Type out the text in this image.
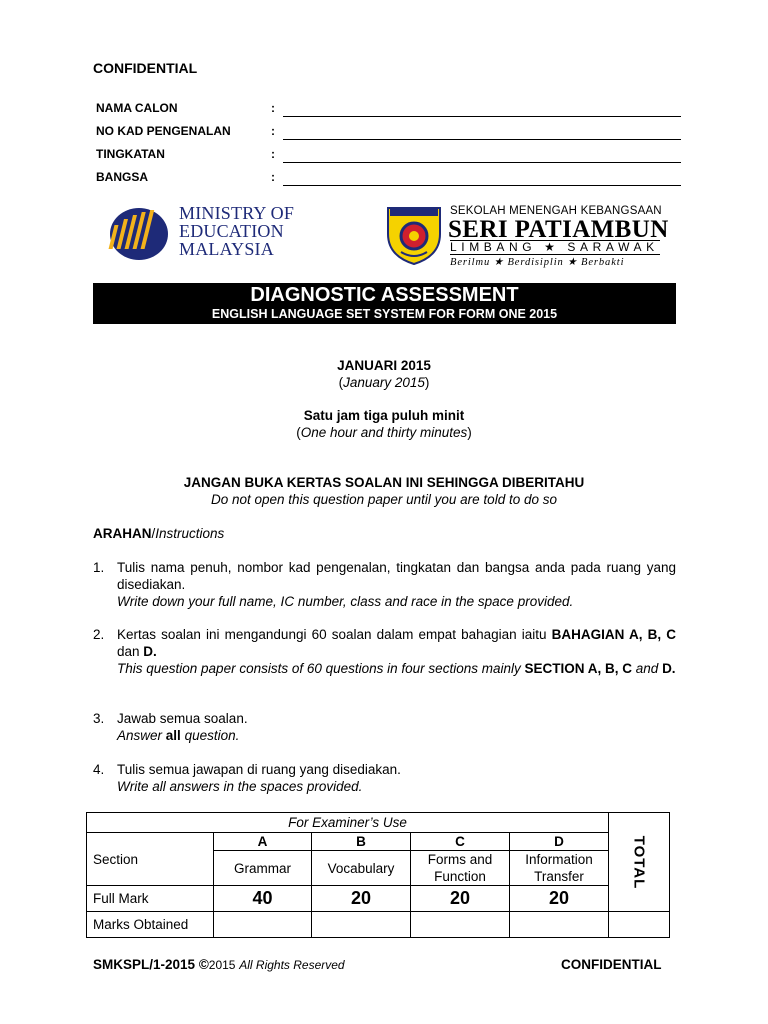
CONFIDENTIAL
NAMA CALON	:
NO KAD PENGENALAN	:
TINGKATAN	:
BANGSA	:
MINISTRY OF
EDUCATION
MALAYSIA
SEKOLAH MENENGAH KEBANGSAAN
SERI PATIAMBUN
LIMBANG ★ SARAWAK
Berilmu ★ Berdisiplin ★ Berbakti
DIAGNOSTIC ASSESSMENT
ENGLISH LANGUAGE SET SYSTEM FOR FORM ONE 2015
JANUARI 2015
(January 2015)
Satu jam tiga puluh minit
(One hour and thirty minutes)
JANGAN BUKA KERTAS SOALAN INI SEHINGGA DIBERITAHU
Do not open this question paper until you are told to do so
ARAHAN/Instructions
1. Tulis nama penuh, nombor kad pengenalan, tingkatan dan bangsa anda pada ruang yang disediakan.
Write down your full name, IC number, class and race in the space provided.
2. Kertas soalan ini mengandungi 60 soalan dalam empat bahagian iaitu BAHAGIAN A, B, C dan D.
This question paper consists of 60 questions in four sections mainly SECTION A, B, C and D.
3. Jawab semua soalan.
Answer all question.
4. Tulis semua jawapan di ruang yang disediakan.
Write all answers in the spaces provided.
For Examiner’s Use					TOTAL
Section	A	B	C	D	
	Grammar	Vocabulary	Forms and Function	Information Transfer	
Full Mark	40	20	20	20	
Marks Obtained					
SMKSPL/1-2015 ©2015 All Rights Reserved	CONFIDENTIAL
